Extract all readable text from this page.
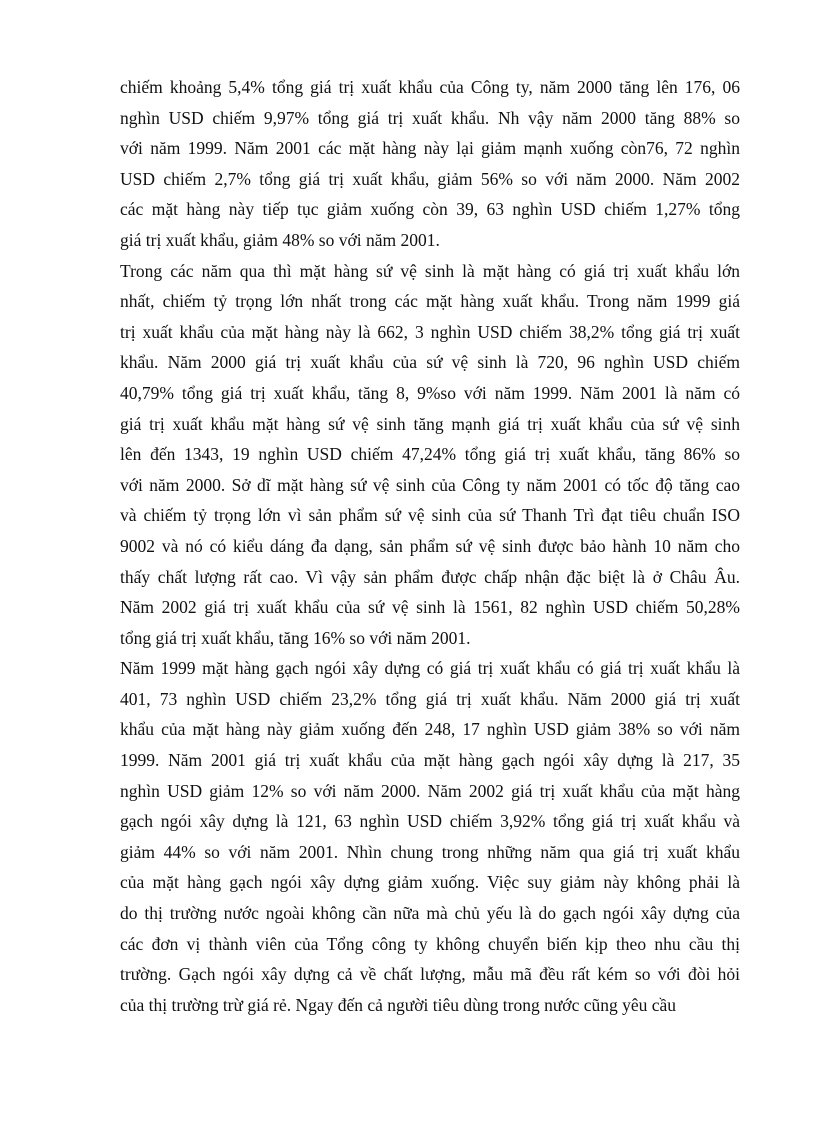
chiếm khoảng 5,4% tổng giá trị xuất khẩu của Công ty, năm 2000 tăng lên 176, 06
nghìn USD chiếm 9,97% tổng giá trị xuất khẩu. Nh vậy năm 2000 tăng 88% so
với năm 1999. Năm 2001 các mặt hàng này lại giảm mạnh xuống còn76, 72 nghìn
USD chiếm 2,7% tổng giá trị xuất khẩu, giảm 56% so với năm 2000. Năm 2002
các mặt hàng này tiếp tục giảm xuống còn 39, 63 nghìn USD chiếm 1,27% tổng
giá trị xuất khẩu, giảm 48% so với năm 2001.

Trong các năm qua thì mặt hàng sứ vệ sinh là mặt hàng có giá trị xuất khẩu lớn
nhất, chiếm tỷ trọng lớn nhất trong các mặt hàng xuất khẩu. Trong năm 1999 giá
trị xuất khẩu của mặt hàng này là 662, 3 nghìn USD chiếm 38,2% tổng giá trị xuất
khẩu. Năm 2000 giá trị xuất khẩu của sứ vệ sinh là 720, 96 nghìn USD chiếm
40,79% tổng giá trị xuất khẩu, tăng 8, 9%so với năm 1999. Năm 2001 là năm có
giá trị xuất khẩu mặt hàng sứ vệ sinh tăng mạnh giá trị xuất khẩu của sứ vệ sinh
lên đến 1343, 19 nghìn USD chiếm 47,24% tổng giá trị xuất khẩu, tăng 86% so
với năm 2000. Sở dĩ mặt hàng sứ vệ sinh của Công ty năm 2001 có tốc độ tăng cao
và chiếm tỷ trọng lớn vì sản phẩm sứ vệ sinh của sứ Thanh Trì đạt tiêu chuẩn ISO
9002 và nó có kiểu dáng đa dạng, sản phẩm sứ vệ sinh được bảo hành 10 năm cho
thấy chất lượng rất cao. Vì vậy sản phẩm được chấp nhận đặc biệt là ở Châu Âu.
Năm 2002 giá trị xuất khẩu của sứ vệ sinh là 1561, 82 nghìn USD chiếm 50,28%
tổng giá trị xuất khẩu, tăng 16% so với năm 2001.

Năm 1999 mặt hàng gạch ngói xây dựng có giá trị xuất khẩu có giá trị xuất khẩu là
401, 73 nghìn USD chiếm 23,2% tổng giá trị xuất khẩu. Năm 2000 giá trị xuất
khẩu của mặt hàng này giảm xuống đến 248, 17 nghìn USD giảm 38% so với năm
1999. Năm 2001 giá trị xuất khẩu của mặt hàng gạch ngói xây dựng là 217, 35
nghìn USD giảm 12% so với năm 2000. Năm 2002 giá trị xuất khẩu của mặt hàng
gạch ngói xây dựng là 121, 63 nghìn USD chiếm 3,92% tổng giá trị xuất khẩu và
giảm 44% so với năm 2001. Nhìn chung trong những năm qua giá trị xuất khẩu
của mặt hàng gạch ngói xây dựng giảm xuống. Việc suy giảm này không phải là
do thị trường nước ngoài không cần nữa mà chủ yếu là do gạch ngói xây dựng của
các đơn vị thành viên của Tổng công ty không chuyển biến kịp theo nhu cầu thị
trường. Gạch ngói xây dựng cả về chất lượng, mẫu mã đều rất kém so với đòi hỏi
của thị trường trừ giá rẻ. Ngay đến cả người tiêu dùng trong nước cũng yêu cầu
